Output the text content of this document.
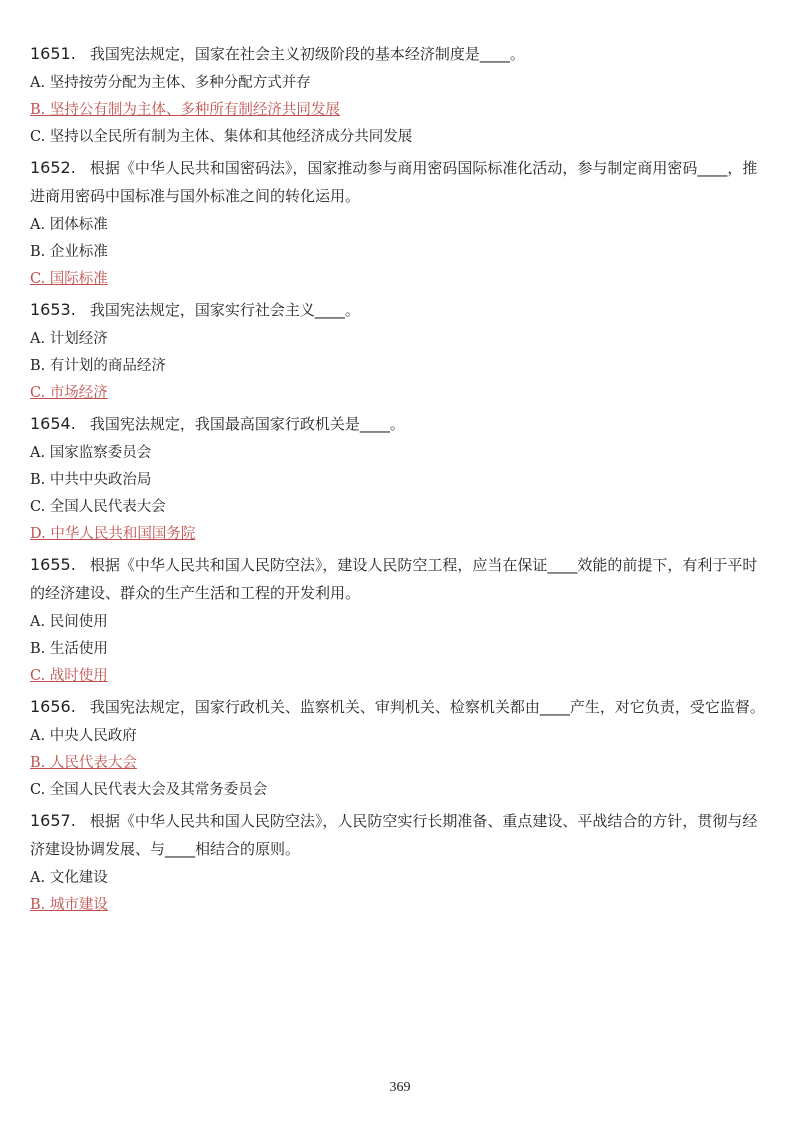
1651. 我国宪法规定，国家在社会主义初级阶段的基本经济制度是____。

A. 坚持按劳分配为主体、多种分配方式并存
B. 坚持公有制为主体、多种所有制经济共同发展
C. 坚持以全民所有制为主体、集体和其他经济成分共同发展

1652. 根据《中华人民共和国密码法》，国家推动参与商用密码国际标准化活动，参与制定商用密码____，推进商用密码中国标准与国外标准之间的转化运用。

A. 团体标准
B. 企业标准
C. 国际标准

1653. 我国宪法规定，国家实行社会主义____。

A. 计划经济
B. 有计划的商品经济
C. 市场经济

1654. 我国宪法规定，我国最高国家行政机关是____。

A. 国家监察委员会
B. 中共中央政治局
C. 全国人民代表大会
D. 中华人民共和国国务院

1655. 根据《中华人民共和国人民防空法》，建设人民防空工程，应当在保证____效能的前提下，有利于平时的经济建设、群众的生产生活和工程的开发利用。

A. 民间使用
B. 生活使用
C. 战时使用

1656. 我国宪法规定，国家行政机关、监察机关、审判机关、检察机关都由____产生，对它负责，受它监督。

A. 中央人民政府
B. 人民代表大会
C. 全国人民代表大会及其常务委员会

1657. 根据《中华人民共和国人民防空法》，人民防空实行长期准备、重点建设、平战结合的方针，贯彻与经济建设协调发展、与____相结合的原则。

A. 文化建设
B. 城市建设
369
